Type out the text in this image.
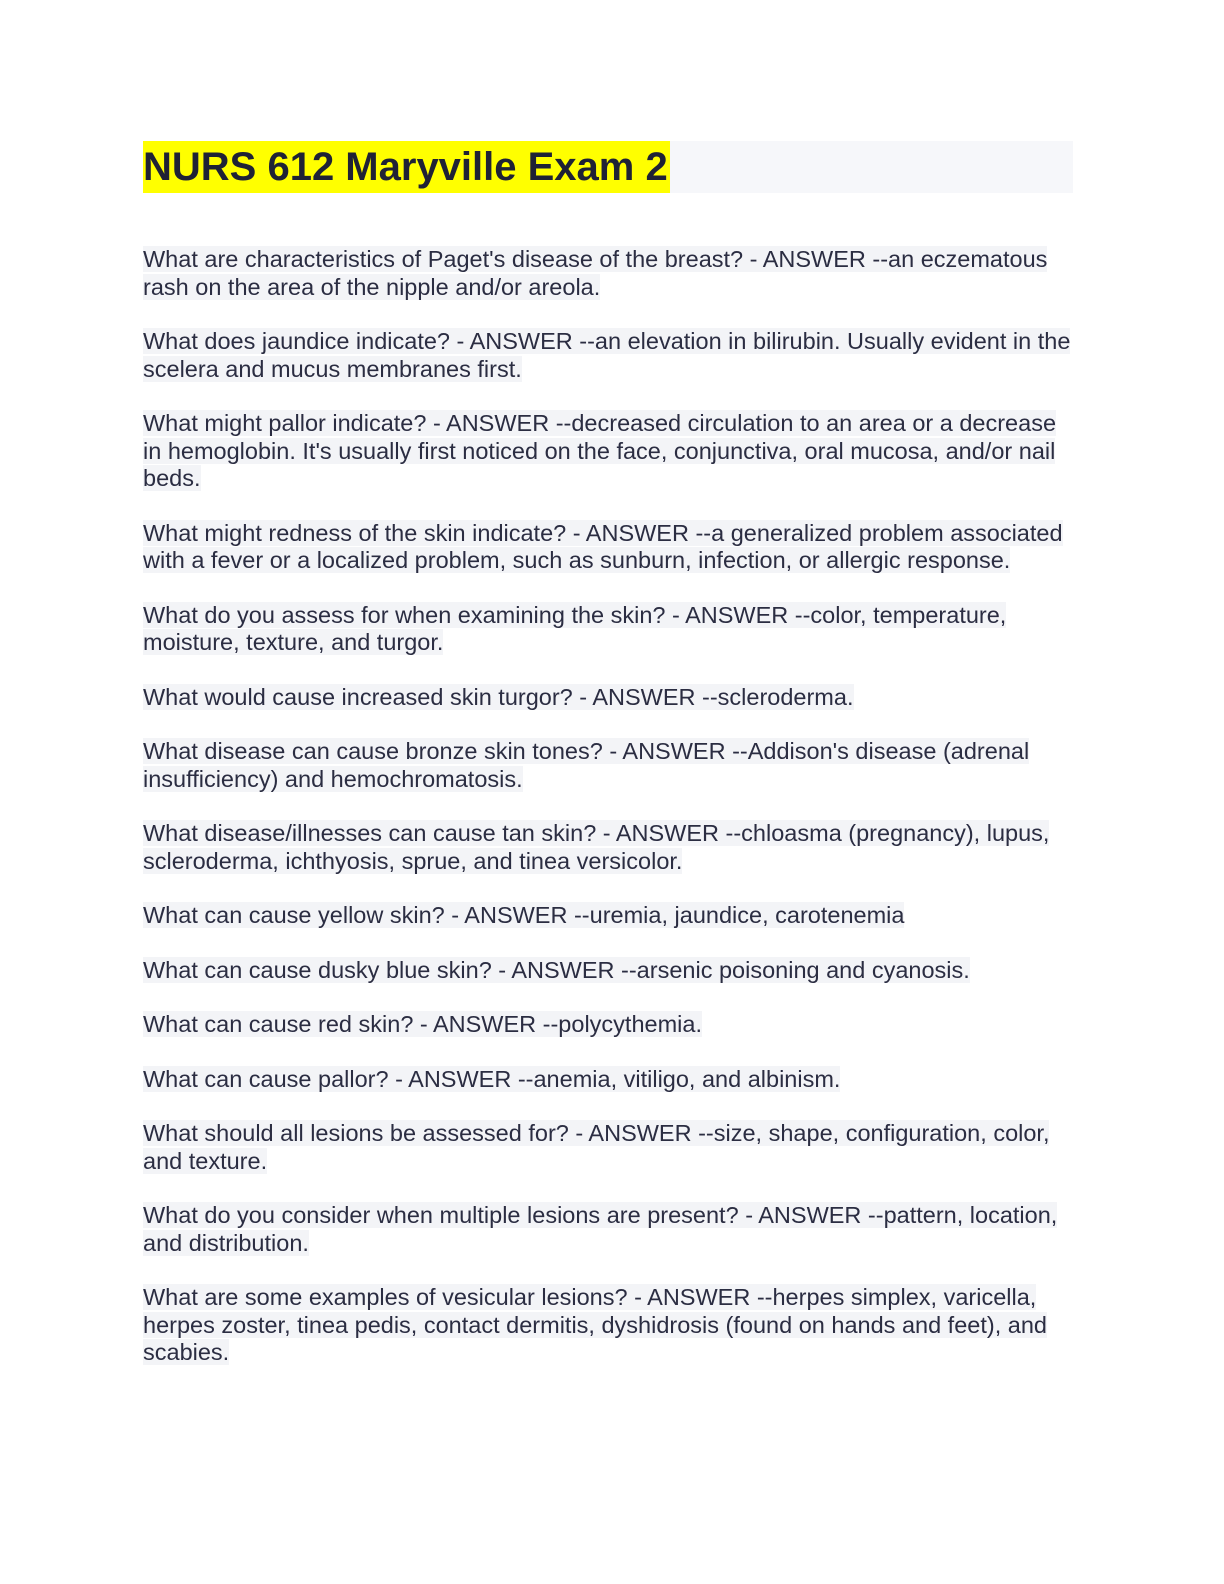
NURS 612 Maryville Exam 2
What are characteristics of Paget's disease of the breast? - ANSWER --an eczematous rash on the area of the nipple and/or areola.
What does jaundice indicate? - ANSWER --an elevation in bilirubin. Usually evident in the scelera and mucus membranes first.
What might pallor indicate? - ANSWER --decreased circulation to an area or a decrease in hemoglobin. It's usually first noticed on the face, conjunctiva, oral mucosa, and/or nail beds.
What might redness of the skin indicate? - ANSWER --a generalized problem associated with a fever or a localized problem, such as sunburn, infection, or allergic response.
What do you assess for when examining the skin? - ANSWER --color, temperature, moisture, texture, and turgor.
What would cause increased skin turgor? - ANSWER --scleroderma.
What disease can cause bronze skin tones? - ANSWER --Addison's disease (adrenal insufficiency) and hemochromatosis.
What disease/illnesses can cause tan skin? - ANSWER --chloasma (pregnancy), lupus, scleroderma, ichthyosis, sprue, and tinea versicolor.
What can cause yellow skin? - ANSWER --uremia, jaundice, carotenemia
What can cause dusky blue skin? - ANSWER --arsenic poisoning and cyanosis.
What can cause red skin? - ANSWER --polycythemia.
What can cause pallor? - ANSWER --anemia, vitiligo, and albinism.
What should all lesions be assessed for? - ANSWER --size, shape, configuration, color, and texture.
What do you consider when multiple lesions are present? - ANSWER --pattern, location, and distribution.
What are some examples of vesicular lesions? - ANSWER --herpes simplex, varicella, herpes zoster, tinea pedis, contact dermitis, dyshidrosis (found on hands and feet), and scabies.
